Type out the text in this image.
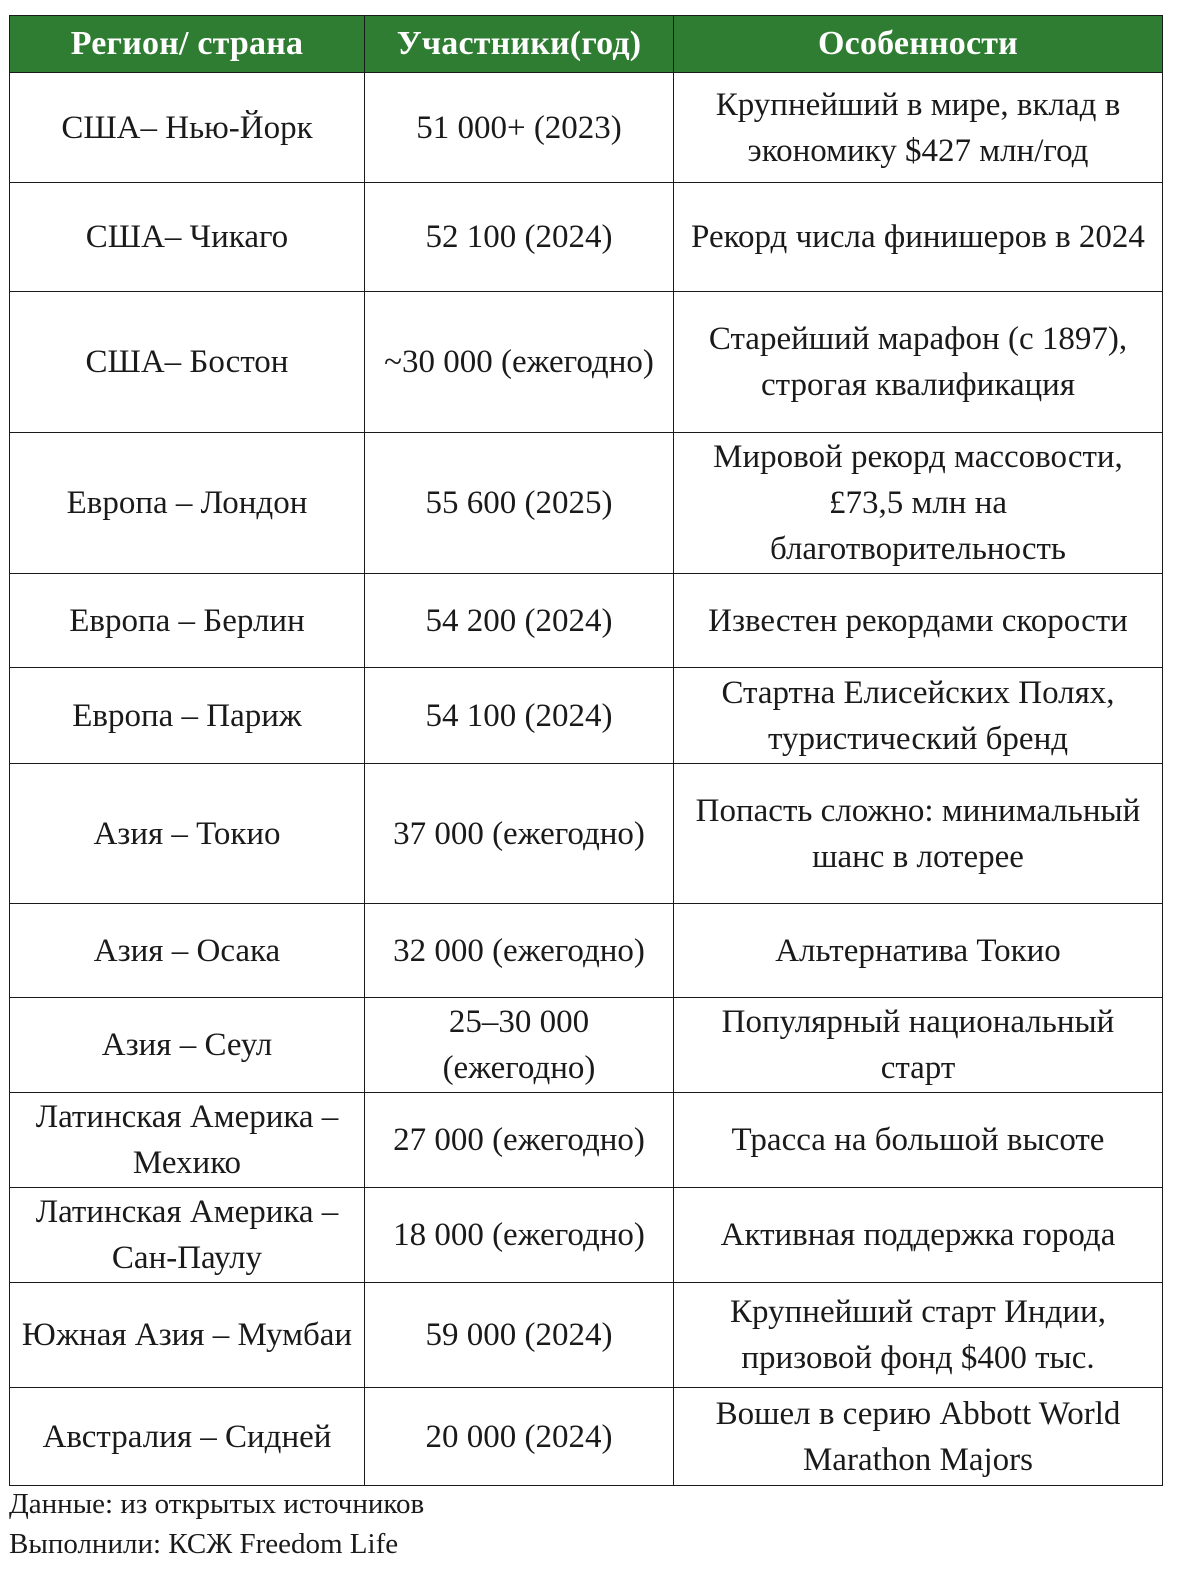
Регион/ страна	Участники(год)	Особенности
США– Нью-Йорк	51 000+ (2023)	Крупнейший в мире, вклад в экономику $427 млн/год
США– Чикаго	52 100 (2024)	Рекорд числа финишеров в 2024
США– Бостон	~30 000 (ежегодно)	Старейший марафон (с 1897), строгая квалификация
Европа – Лондон	55 600 (2025)	Мировой рекорд массовости, £73,5 млн на благотворительность
Европа – Берлин	54 200 (2024)	Известен рекордами скорости
Европа – Париж	54 100 (2024)	Стартна Елисейских Полях, туристический бренд
Азия – Токио	37 000 (ежегодно)	Попасть сложно: минимальный шанс в лотерее
Азия – Осака	32 000 (ежегодно)	Альтернатива Токио
Азия – Сеул	25–30 000 (ежегодно)	Популярный национальный старт
Латинская Америка – Мехико	27 000 (ежегодно)	Трасса на большой высоте
Латинская Америка – Сан-Паулу	18 000 (ежегодно)	Активная поддержка города
Южная Азия – Мумбаи	59 000 (2024)	Крупнейший старт Индии, призовой фонд $400 тыс.
Австралия – Сидней	20 000 (2024)	Вошел в серию Abbott World Marathon Majors
Данные: из открытых источников
Выполнили: КСЖ Freedom Life
